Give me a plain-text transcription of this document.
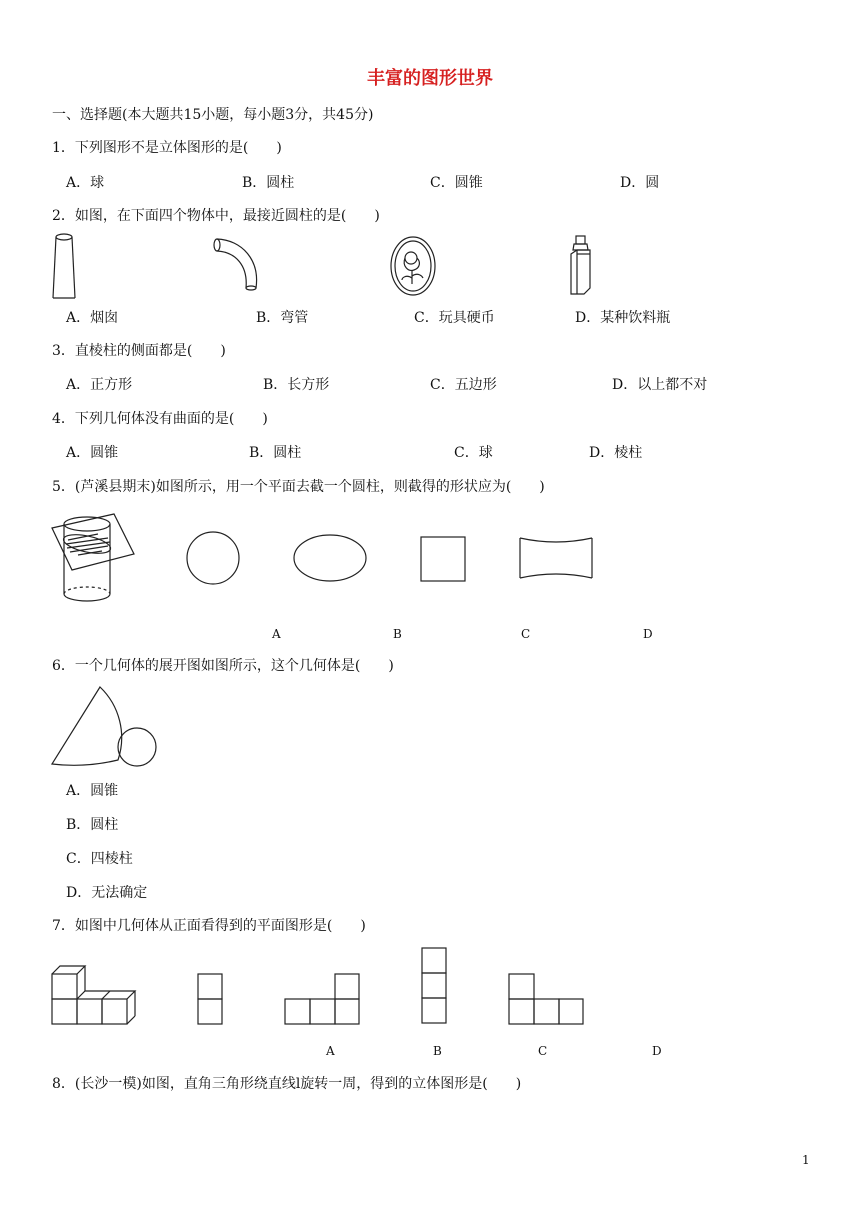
丰富的图形世界
一、选择题(本大题共15小题，每小题3分，共45分)
1．下列图形不是立体图形的是(　　)
A．球	B．圆柱	C．圆锥	D．圆
2．如图，在下面四个物体中，最接近圆柱的是(　　)
A．烟囱	B．弯管	C．玩具硬币	D．某种饮料瓶
3．直棱柱的侧面都是(　　)
A．正方形	B．长方形	C．五边形	D．以上都不对
4．下列几何体没有曲面的是(　　)
A．圆锥	B．圆柱	C．球	D．棱柱
5．(芦溪县期末)如图所示，用一个平面去截一个圆柱，则截得的形状应为(　　)
A	B	C	D
6．一个几何体的展开图如图所示，这个几何体是(　　)
A．圆锥
B．圆柱
C．四棱柱
D．无法确定
7．如图中几何体从正面看得到的平面图形是(　　)
A	B	C	D
8．(长沙一模)如图，直角三角形绕直线l旋转一周，得到的立体图形是(　　)
1
